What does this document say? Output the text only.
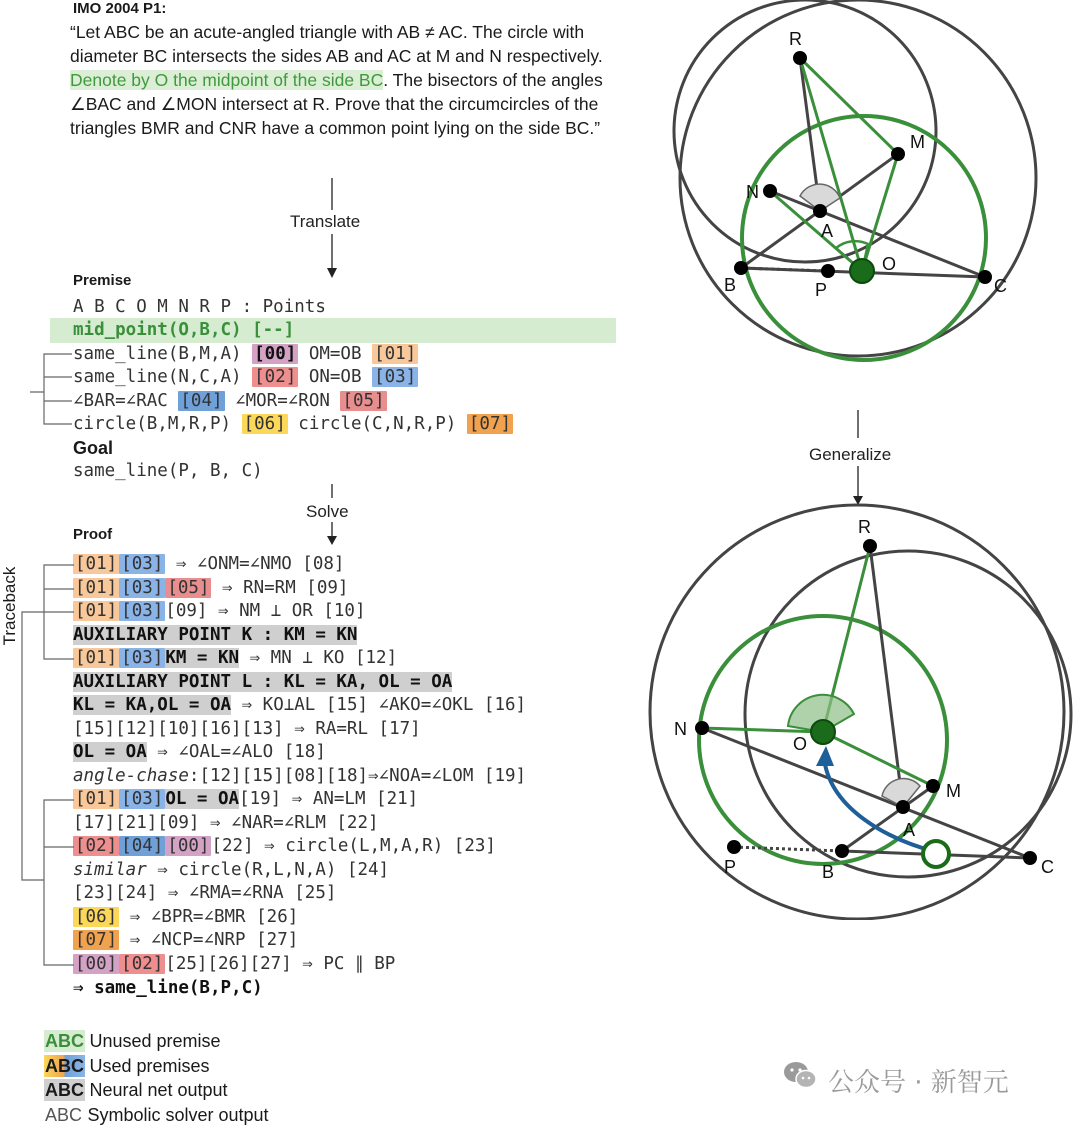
IMO 2004 P1:
“Let ABC be an acute-angled triangle with AB ≠ AC. The circle with diameter BC intersects the sides AB and AC at M and N respectively. Denote by O the midpoint of the side BC. The bisectors of the angles ∠BAC and ∠MON intersect at R. Prove that the circumcircles of the triangles BMR and CNR have a common point lying on the side BC.”
Translate
Premise
A B C O M N R P : Points
mid_point(O,B,C) [--]
same_line(B,M,A) [00] OM=OB [01]
same_line(N,C,A) [02] ON=OB [03]
∠BAR=∠RAC [04] ∠MOR=∠RON [05]
circle(B,M,R,P) [06] circle(C,N,R,P) [07]
Goal
same_line(P, B, C)
Solve
Proof
[01] [03] ⇒ ∠ONM=∠NMO [08]
[01] [03] [05] ⇒ RN=RM [09]
[01] [03] [09] ⇒ NM ⊥ OR [10]
AUXILIARY POINT K : KM = KN
[01] [03] KM = KN ⇒ MN ⊥ KO [12]
AUXILIARY POINT L : KL = KA, OL = OA
KL = KA,OL = OA ⇒ KO⊥AL [15] ∠AKO=∠OKL [16]
[15][12][10][16][13] ⇒ RA=RL [17]
OL = OA ⇒ ∠OAL=∠ALO [18]
angle-chase:[12][15][08][18]⇒∠NOA=∠LOM [19]
[01] [03] OL = OA[19] ⇒ AN=LM [21]
[17][21][09] ⇒ ∠NAR=∠RLM [22]
[02] [04] [00] [22] ⇒ circle(L,M,A,R) [23]
similar ⇒ circle(R,L,N,A) [24]
[23][24] ⇒ ∠RMA=∠RNA [25]
[06] ⇒ ∠BPR=∠BMR [26]
[07] ⇒ ∠NCP=∠NRP [27]
[00] [02] [25][26][27] ⇒ PC ∥ BP
⇒ same_line(B,P,C)
Traceback
ABC Unused premise
ABC Used premises
ABC Neural net output
ABC Symbolic solver output
公众号 · 新智元
R
M
N
A
O
B	P	C
Generalize
R
N
O
M
A
P	B	C
